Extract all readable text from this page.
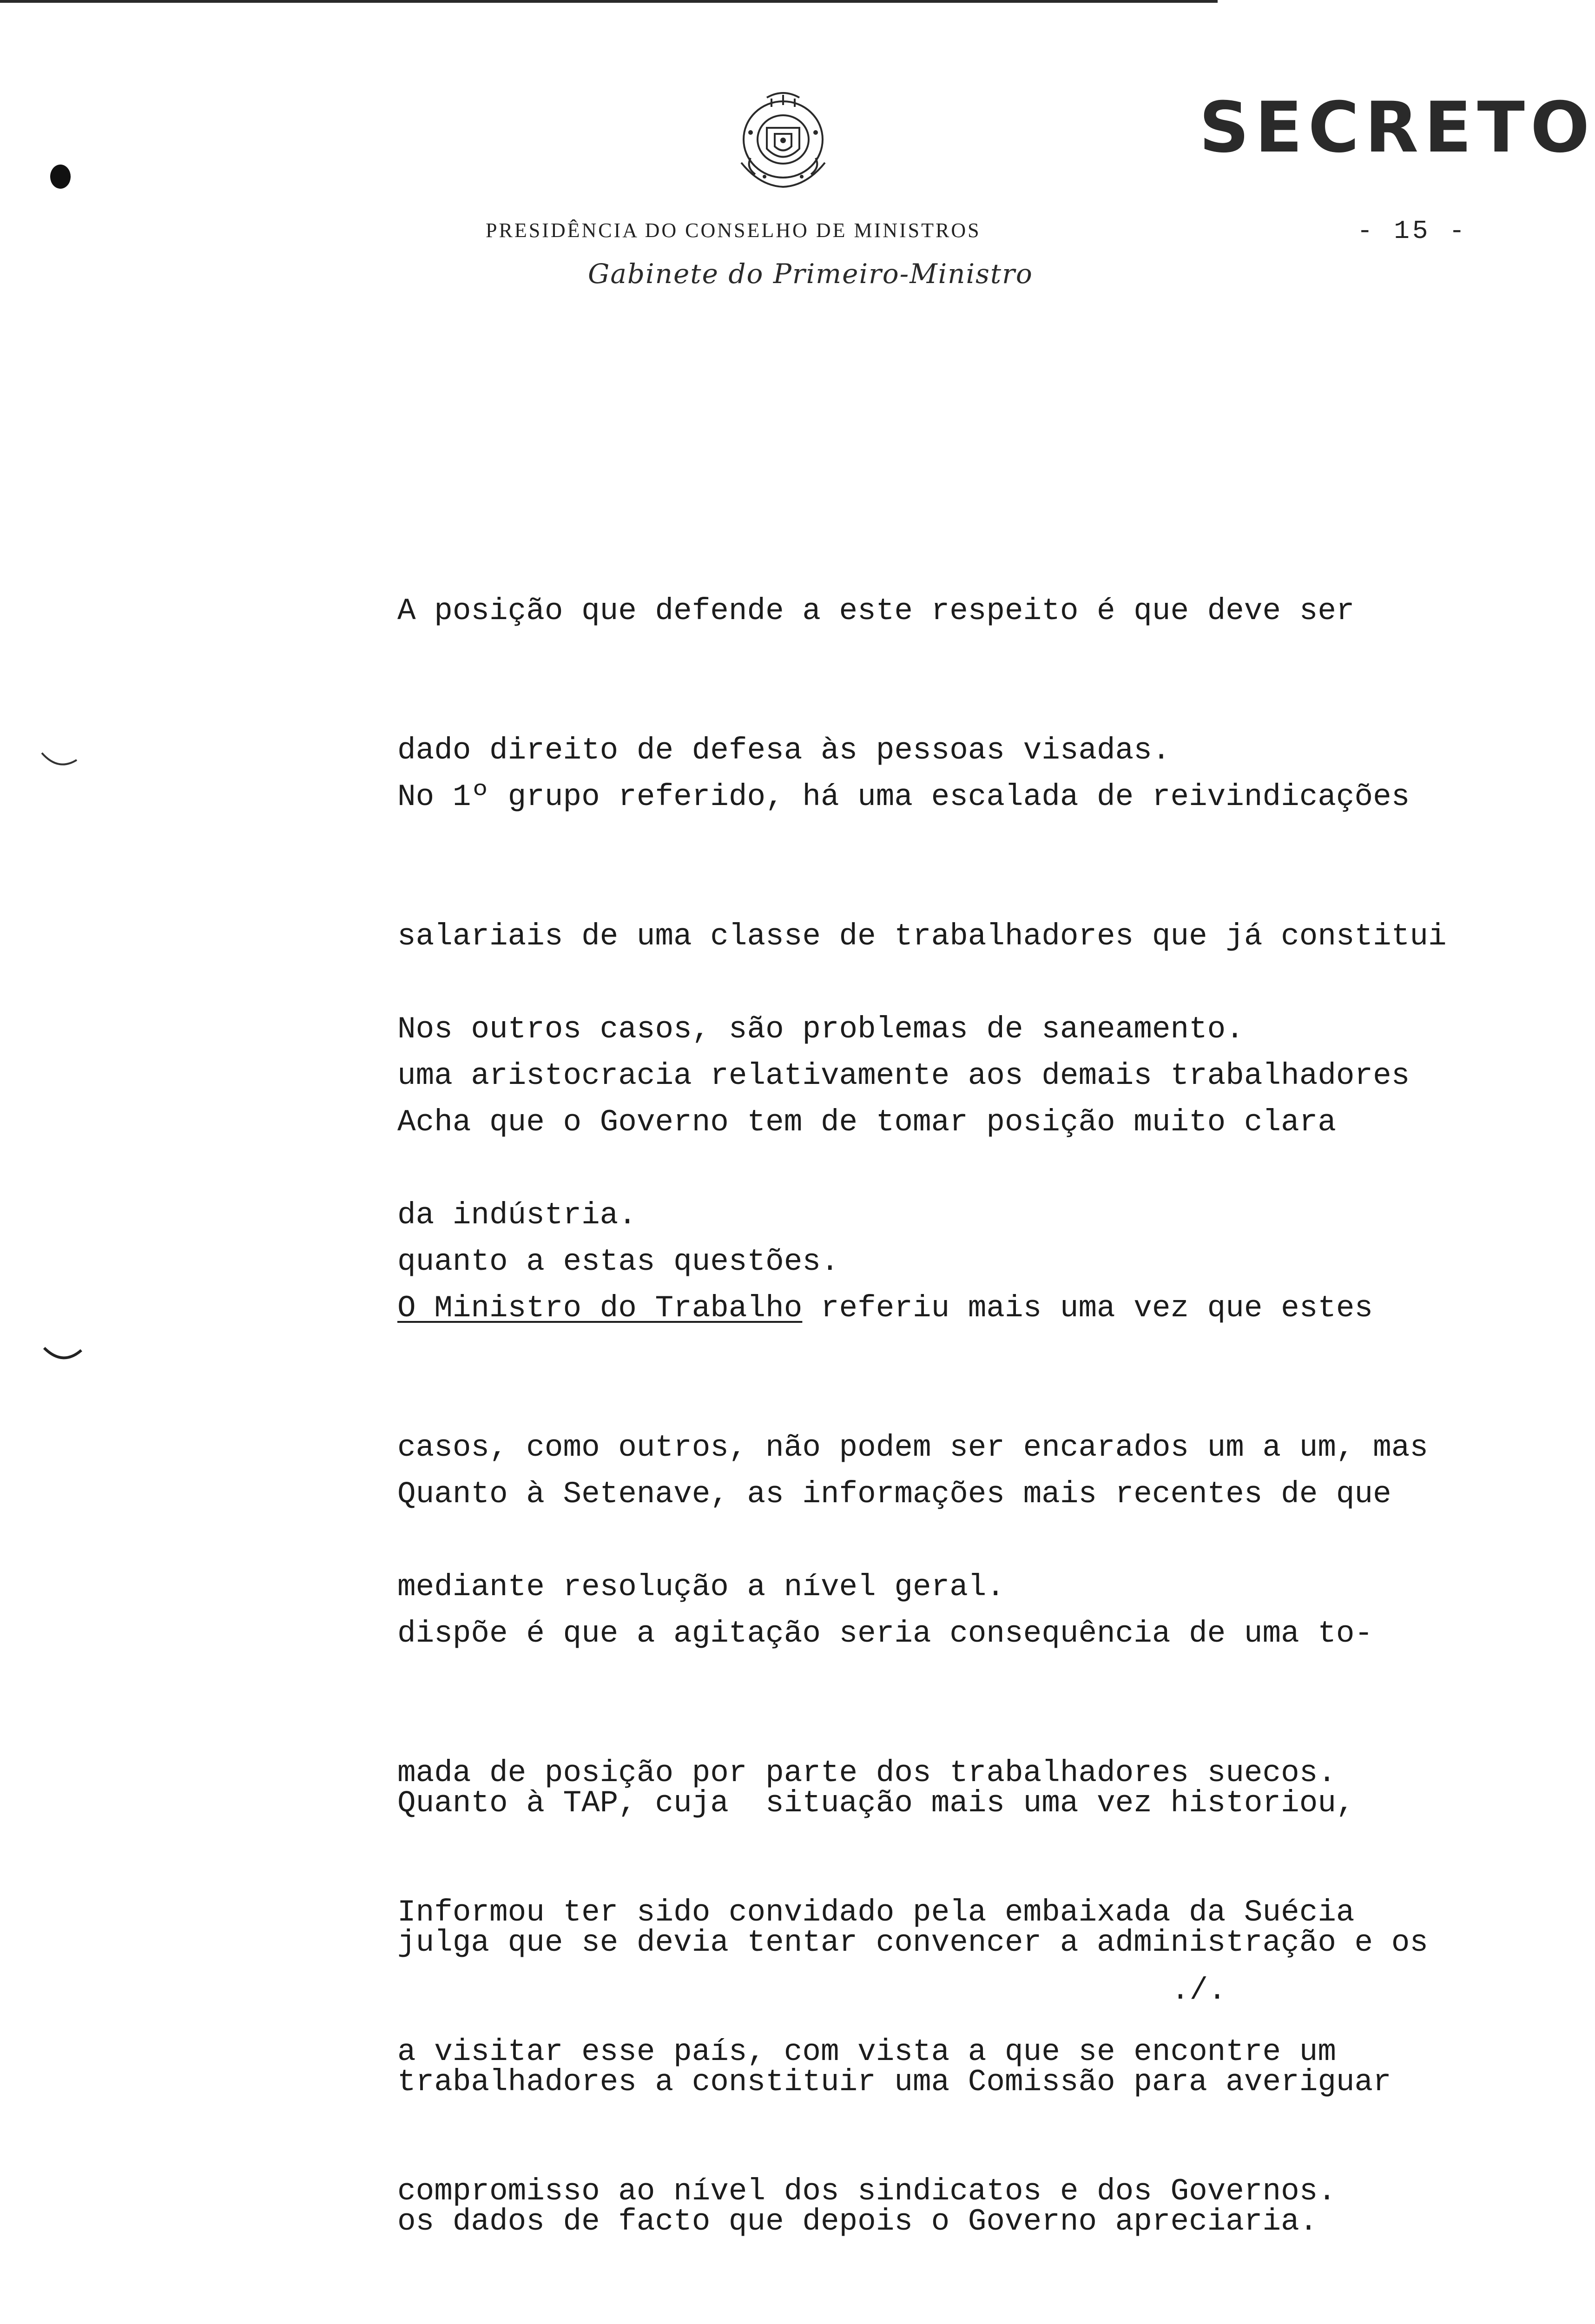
SECRETO
PRESIDÊNCIA DO CONSELHO DE MINISTROS	- 15 -
Gabinete do Primeiro-Ministro

A posição que defende a este respeito é que deve ser

dado direito de defesa às pessoas visadas.

No 1º grupo referido, há uma escalada de reivindicações

salariais de uma classe de trabalhadores que já constitui

uma aristocracia relativamente aos demais trabalhadores

da indústria.

Nos outros casos, são problemas de saneamento.

Acha que o Governo tem de tomar posição muito clara

quanto a estas questões.

O Ministro do Trabalho referiu mais uma vez que estes

casos, como outros, não podem ser encarados um a um, mas

mediante resolução a nível geral.

Quanto à Setenave, as informações mais recentes de que

dispõe é que a agitação seria consequência de uma to-

mada de posição por parte dos trabalhadores suecos.

Informou ter sido convidado pela embaixada da Suécia

a visitar esse país, com vista a que se encontre um

compromisso ao nível dos sindicatos e dos Governos.

Quanto à TAP, cuja  situação mais uma vez historiou,

julga que se devia tentar convencer a administração e os

trabalhadores a constituir uma Comissão para averiguar

os dados de facto que depois o Governo apreciaria.

./.
